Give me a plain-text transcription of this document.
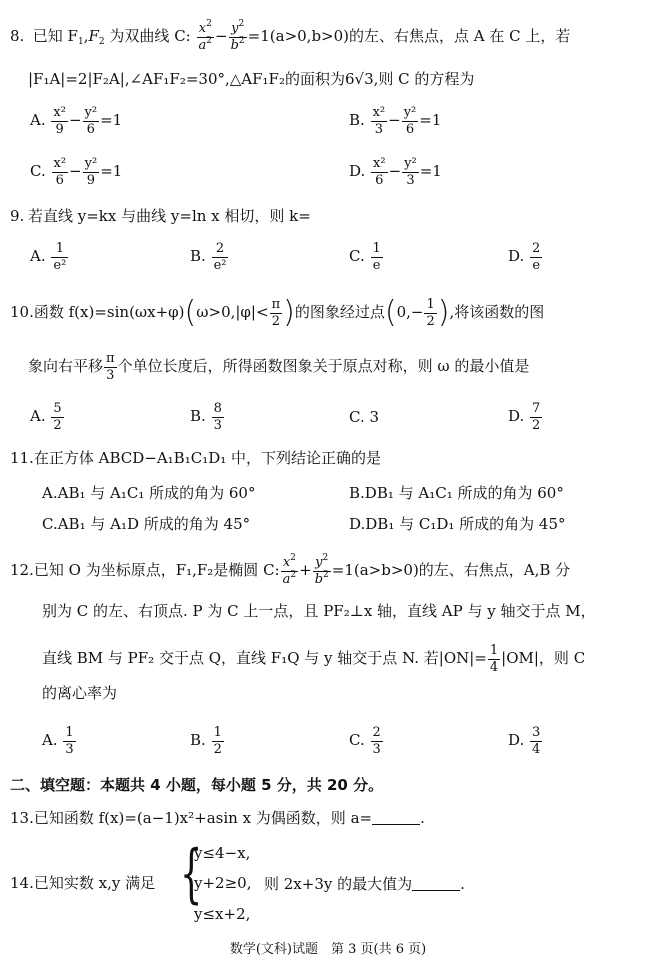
8. 已知 $F_1,F_2$ 为双曲线 C: $\frac{x^2}{a^2} - \frac{y^2}{b^2} =1(a>0,b>0)$的左、右焦点，点 A 在 C 上，若
|F₁A|=2|F₂A|,∠AF₁F₂=30°,△AF₁F₂的面积为6√3,则 C 的方程为
A. $\frac{\text{x²}}{9} - \frac{\text{y²}}{6} =1$	B. $\frac{\text{x²}}{3} - \frac{\text{y²}}{6} =1$
C. $\frac{\text{x²}}{6} - \frac{\text{y²}}{9} =1$	D. $\frac{\text{x²}}{6} - \frac{\text{y²}}{3} =1$
9. 若直线 y=kx 与曲线 y=ln x 相切，则 k=
A. $\frac{1}{\text{e²}}$	B. $\frac{2}{\text{e²}}$	C. $\frac{1}{e}$	D. $\frac{2}{e}$
10.函数 $f(x)=\sin(\omega x+\varphi)(\omega>0,|\varphi|< \frac{\pi}{2}$ )的图象经过点($0,- \frac{1}{2}$ ),将该函数的图
象向右平移 $\frac{\pi}{3}$ 个单位长度后，所得函数图象关于原点对称，则 ω 的最小值是
A. $\frac{5}{2}$	B. $\frac{8}{3}$	C. 3	D. $\frac{7}{2}$
11.在正方体 ABCD−A₁B₁C₁D₁ 中，下列结论正确的是
A.AB₁ 与 A₁C₁ 所成的角为 60°	B.DB₁ 与 A₁C₁ 所成的角为 60°
C.AB₁ 与 A₁D 所成的角为 45°	D.DB₁ 与 C₁D₁ 所成的角为 45°
12.已知 O 为坐标原点，F₁,F₂是椭圆 C: $\frac{x^2}{a^2} + \frac{y^2}{b^2} =1(a>b>0)$的左、右焦点，A,B 分
别为 C 的左、右顶点. P 为 C 上一点，且 PF₂⊥x 轴，直线 AP 与 y 轴交于点 M，
直线 BM 与 PF₂ 交于点 Q，直线 F₁Q 与 y 轴交于点 N. 若$|ON|= \frac{1}{4} |OM|$，则 C
的离心率为
A. $\frac{1}{3}$	B. $\frac{1}{2}$	C. $\frac{2}{3}$	D. $\frac{3}{4}$
二、填空题：本题共 4 小题，每小题 5 分，共 20 分。
13.已知函数 f(x)=(a−1)x²+asin x 为偶函数，则 a=	.
14.已知实数 x,y 满足 {
y≤4−x,
y+2≥0, 则 2x+3y 的最大值为	.
y≤x+2,
数学(文科)试题　第 3 页(共 6 页)
